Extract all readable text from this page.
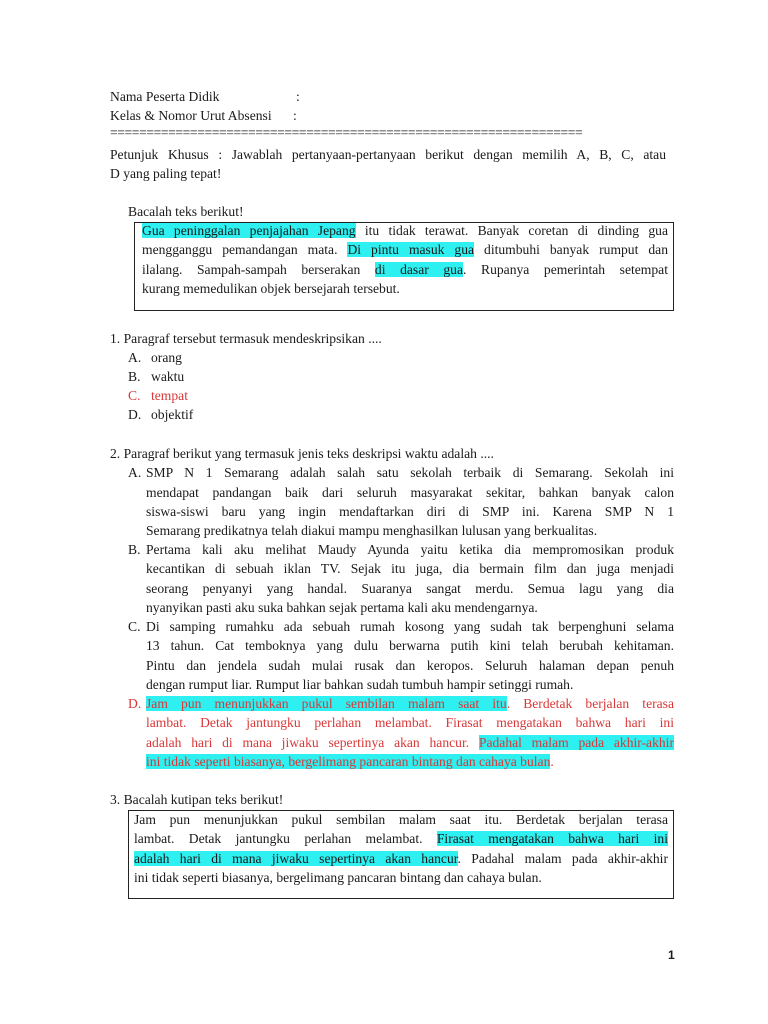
Nama Peserta Didik	:
Kelas & Nomor Urut Absensi :
=================================================================
Petunjuk Khusus : Jawablah pertanyaan-pertanyaan berikut dengan memilih A, B, C, atau
D yang paling tepat!
Bacalah teks berikut!
Gua peninggalan penjajahan Jepang itu tidak terawat. Banyak coretan di dinding gua
mengganggu pemandangan mata. Di pintu masuk gua ditumbuhi banyak rumput dan
ilalang. Sampah-sampah berserakan di dasar gua. Rupanya pemerintah setempat
kurang memedulikan objek bersejarah tersebut.
1. Paragraf tersebut termasuk mendeskripsikan ....
A. orang
B. waktu
C. tempat
D. objektif
2. Paragraf berikut yang termasuk jenis teks deskripsi waktu adalah ....
A. SMP N 1 Semarang adalah salah satu sekolah terbaik di Semarang. Sekolah ini
mendapat pandangan baik dari seluruh masyarakat sekitar, bahkan banyak calon
siswa-siswi baru yang ingin mendaftarkan diri di SMP ini. Karena SMP N 1
Semarang predikatnya telah diakui mampu menghasilkan lulusan yang berkualitas.
B. Pertama kali aku melihat Maudy Ayunda yaitu ketika dia mempromosikan produk
kecantikan di sebuah iklan TV. Sejak itu juga, dia bermain film dan juga menjadi
seorang penyanyi yang handal. Suaranya sangat merdu. Semua lagu yang dia
nyanyikan pasti aku suka bahkan sejak pertama kali aku mendengarnya.
C. Di samping rumahku ada sebuah rumah kosong yang sudah tak berpenghuni selama
13 tahun. Cat temboknya yang dulu berwarna putih kini telah berubah kehitaman.
Pintu dan jendela sudah mulai rusak dan keropos. Seluruh halaman depan penuh
dengan rumput liar. Rumput liar bahkan sudah tumbuh hampir setinggi rumah.
D. Jam pun menunjukkan pukul sembilan malam saat itu. Berdetak berjalan terasa
lambat. Detak jantungku perlahan melambat. Firasat mengatakan bahwa hari ini
adalah hari di mana jiwaku sepertinya akan hancur. Padahal malam pada akhir-akhir
ini tidak seperti biasanya, bergelimang pancaran bintang dan cahaya bulan.
3. Bacalah kutipan teks berikut!
Jam pun menunjukkan pukul sembilan malam saat itu. Berdetak berjalan terasa
lambat. Detak jantungku perlahan melambat. Firasat mengatakan bahwa hari ini
adalah hari di mana jiwaku sepertinya akan hancur. Padahal malam pada akhir-akhir
ini tidak seperti biasanya, bergelimang pancaran bintang dan cahaya bulan.
1
